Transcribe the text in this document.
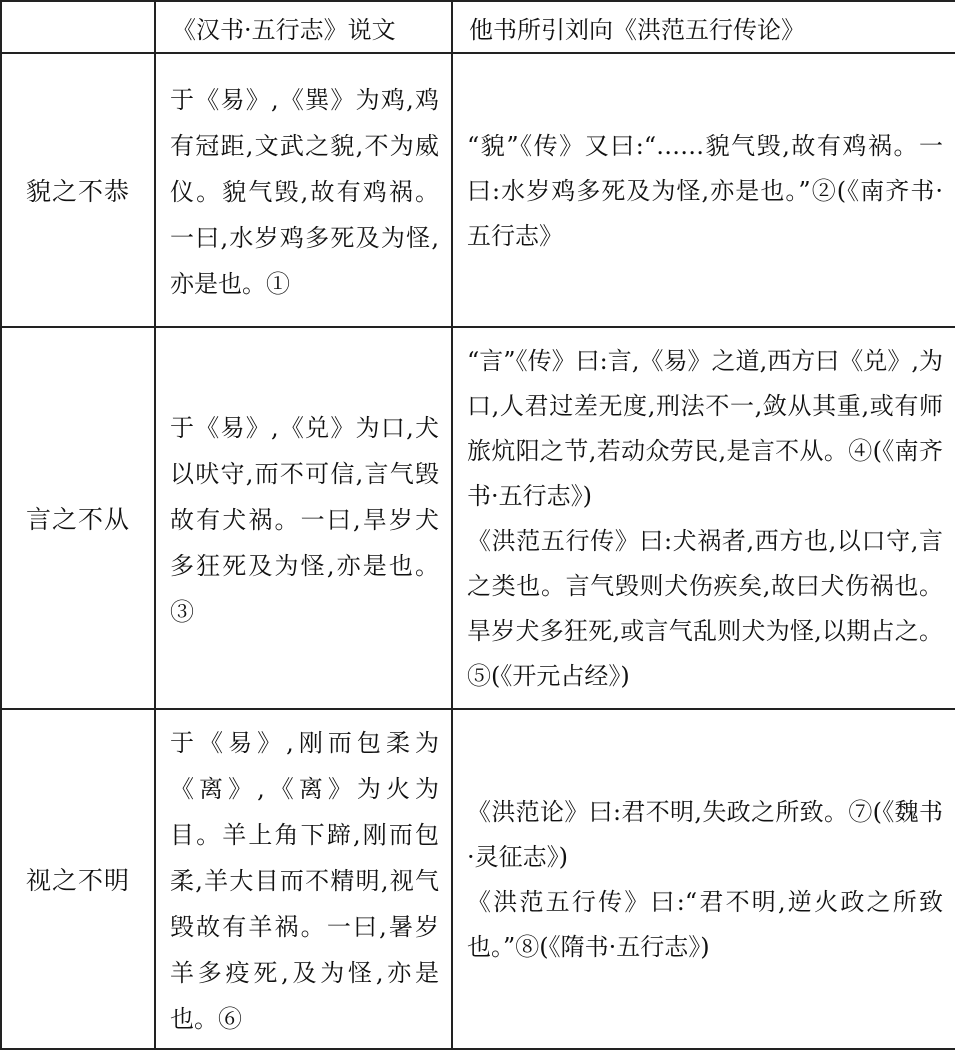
	《汉书·五行志》说文	他书所引刘向《洪范五行传论》
貌之不恭	于《易》,《巽》为鸡,鸡有冠距,文武之貌,不为威仪。貌气毁,故有鸡祸。一曰,水岁鸡多死及为怪,亦是也。①	“貌”《传》又曰:“……貌气毁,故有鸡祸。一曰:水岁鸡多死及为怪,亦是也。”②(《南齐书·五行志》

言之不从	于《易》,《兑》为口,犬以吠守,而不可信,言气毁故有犬祸。一曰,旱岁犬多狂死及为怪,亦是也。③	“言”《传》曰:言,《易》之道,西方曰《兑》,为口,人君过差无度,刑法不一,敛从其重,或有师旅炕阳之节,若动众劳民,是言不从。④(《南齐书·五行志》)
《洪范五行传》曰:犬祸者,西方也,以口守,言之类也。言气毁则犬伤疾矣,故曰犬伤祸也。旱岁犬多狂死,或言气乱则犬为怪,以期占之。⑤(《开元占经》)

视之不明	于《易》,刚而包柔为《离》,《离》为火为目。羊上角下蹄,刚而包柔,羊大目而不精明,视气毁故有羊祸。一曰,暑岁羊多疫死,及为怪,亦是也。⑥	《洪范论》曰:君不明,失政之所致。⑦(《魏书·灵征志》)
《洪范五行传》曰:“君不明,逆火政之所致也。”⑧(《隋书·五行志》)
